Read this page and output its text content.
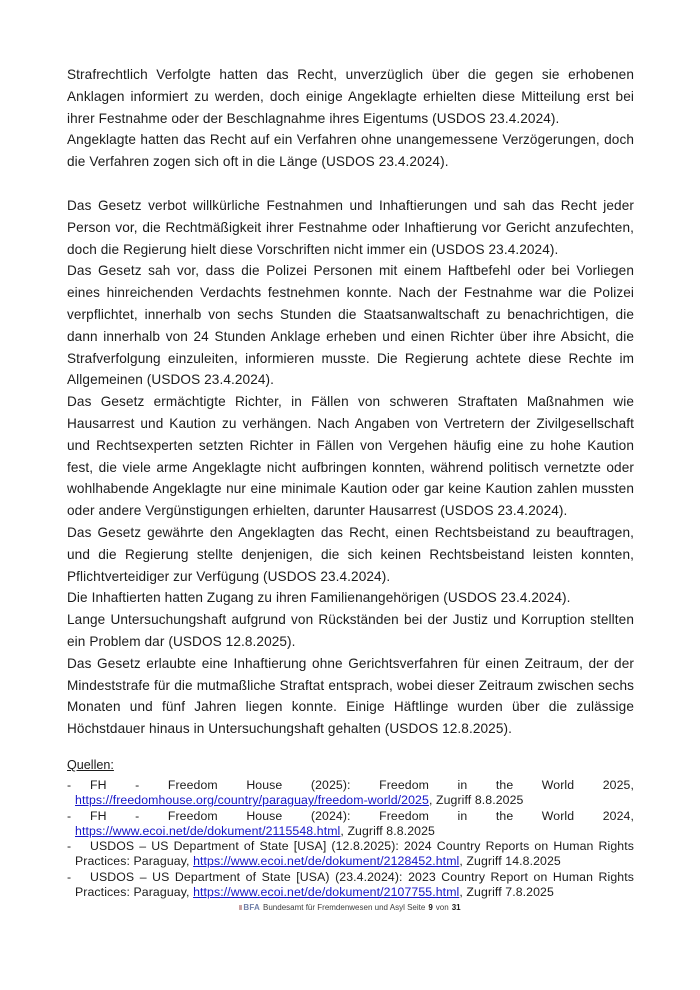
Strafrechtlich Verfolgte hatten das Recht, unverzüglich über die gegen sie erhobenen Anklagen informiert zu werden, doch einige Angeklagte erhielten diese Mitteilung erst bei ihrer Festnahme oder der Beschlagnahme ihres Eigentums (USDOS 23.4.2024).

Angeklagte hatten das Recht auf ein Verfahren ohne unangemessene Verzögerungen, doch die Verfahren zogen sich oft in die Länge (USDOS 23.4.2024).

Das Gesetz verbot willkürliche Festnahmen und Inhaftierungen und sah das Recht jeder Person vor, die Rechtmäßigkeit ihrer Festnahme oder Inhaftierung vor Gericht anzufechten, doch die Regierung hielt diese Vorschriften nicht immer ein (USDOS 23.4.2024).

Das Gesetz sah vor, dass die Polizei Personen mit einem Haftbefehl oder bei Vorliegen eines hinreichenden Verdachts festnehmen konnte. Nach der Festnahme war die Polizei verpflichtet, innerhalb von sechs Stunden die Staatsanwaltschaft zu benachrichtigen, die dann innerhalb von 24 Stunden Anklage erheben und einen Richter über ihre Absicht, die Strafverfolgung einzuleiten, informieren musste. Die Regierung achtete diese Rechte im Allgemeinen (USDOS 23.4.2024).

Das Gesetz ermächtigte Richter, in Fällen von schweren Straftaten Maßnahmen wie Hausarrest und Kaution zu verhängen. Nach Angaben von Vertretern der Zivilgesellschaft und Rechtsexperten setzten Richter in Fällen von Vergehen häufig eine zu hohe Kaution fest, die viele arme Angeklagte nicht aufbringen konnten, während politisch vernetzte oder wohlhabende Angeklagte nur eine minimale Kaution oder gar keine Kaution zahlen mussten oder andere Vergünstigungen erhielten, darunter Hausarrest (USDOS 23.4.2024).

Das Gesetz gewährte den Angeklagten das Recht, einen Rechtsbeistand zu beauftragen, und die Regierung stellte denjenigen, die sich keinen Rechtsbeistand leisten konnten, Pflichtverteidiger zur Verfügung (USDOS 23.4.2024).

Die Inhaftierten hatten Zugang zu ihren Familienangehörigen (USDOS 23.4.2024).

Lange Untersuchungshaft aufgrund von Rückständen bei der Justiz und Korruption stellten ein Problem dar (USDOS 12.8.2025).

Das Gesetz erlaubte eine Inhaftierung ohne Gerichtsverfahren für einen Zeitraum, der der Mindeststrafe für die mutmaßliche Straftat entsprach, wobei dieser Zeitraum zwischen sechs Monaten und fünf Jahren liegen konnte. Einige Häftlinge wurden über die zulässige Höchstdauer hinaus in Untersuchungshaft gehalten (USDOS 12.8.2025).

Quellen:
- FH - Freedom House (2025): Freedom in the World 2025, https://freedomhouse.org/country/paraguay/freedom-world/2025, Zugriff 8.8.2025
- FH - Freedom House (2024): Freedom in the World 2024, https://www.ecoi.net/de/dokument/2115548.html, Zugriff 8.8.2025
- USDOS – US Department of State [USA] (12.8.2025): 2024 Country Reports on Human Rights Practices: Paraguay, https://www.ecoi.net/de/dokument/2128452.html, Zugriff 14.8.2025
- USDOS – US Department of State [USA) (23.4.2024): 2023 Country Report on Human Rights Practices: Paraguay, https://www.ecoi.net/de/dokument/2107755.html, Zugriff 7.8.2025
BFA Bundesamt für Fremdenwesen und Asyl Seite 9 von 31
